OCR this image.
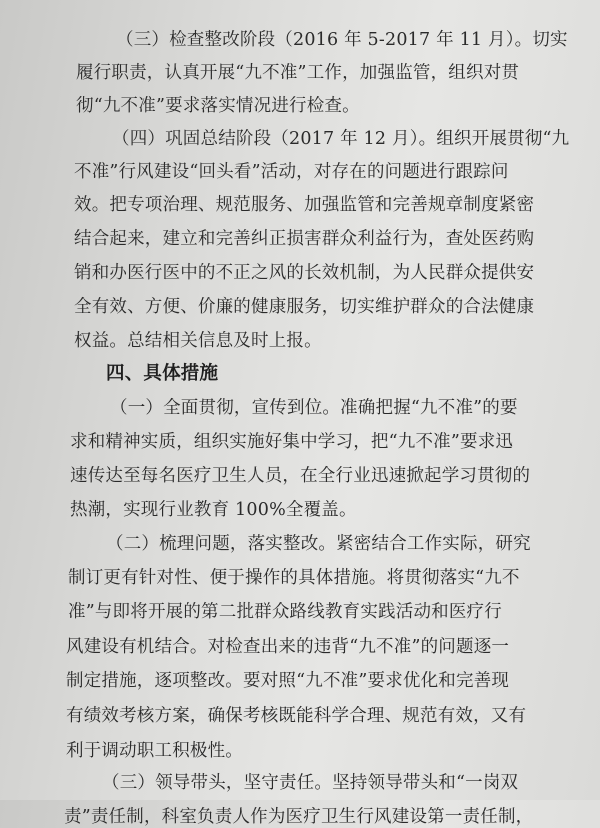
（三）检查整改阶段（2016 年 5-2017 年 11 月）。切实
履行职责，认真开展“九不准”工作，加强监管，组织对贯
彻“九不准”要求落实情况进行检查。
（四）巩固总结阶段（2017 年 12 月）。组织开展贯彻“九
不准”行风建设“回头看”活动，对存在的问题进行跟踪问
效。把专项治理、规范服务、加强监管和完善规章制度紧密
结合起来，建立和完善纠正损害群众利益行为，查处医药购
销和办医行医中的不正之风的长效机制，为人民群众提供安
全有效、方便、价廉的健康服务，切实维护群众的合法健康
权益。总结相关信息及时上报。
四、具体措施
（一）全面贯彻，宣传到位。准确把握“九不准”的要
求和精神实质，组织实施好集中学习，把“九不准”要求迅
速传达至每名医疗卫生人员，在全行业迅速掀起学习贯彻的
热潮，实现行业教育 100%全覆盖。
（二）梳理问题，落实整改。紧密结合工作实际，研究
制订更有针对性、便于操作的具体措施。将贯彻落实“九不
准”与即将开展的第二批群众路线教育实践活动和医疗行
风建设有机结合。对检查出来的违背“九不准”的问题逐一
制定措施，逐项整改。要对照“九不准”要求优化和完善现
有绩效考核方案，确保考核既能科学合理、规范有效，又有
利于调动职工积极性。
（三）领导带头，坚守责任。坚持领导带头和“一岗双
责”责任制，科室负责人作为医疗卫生行风建设第一责任制，
